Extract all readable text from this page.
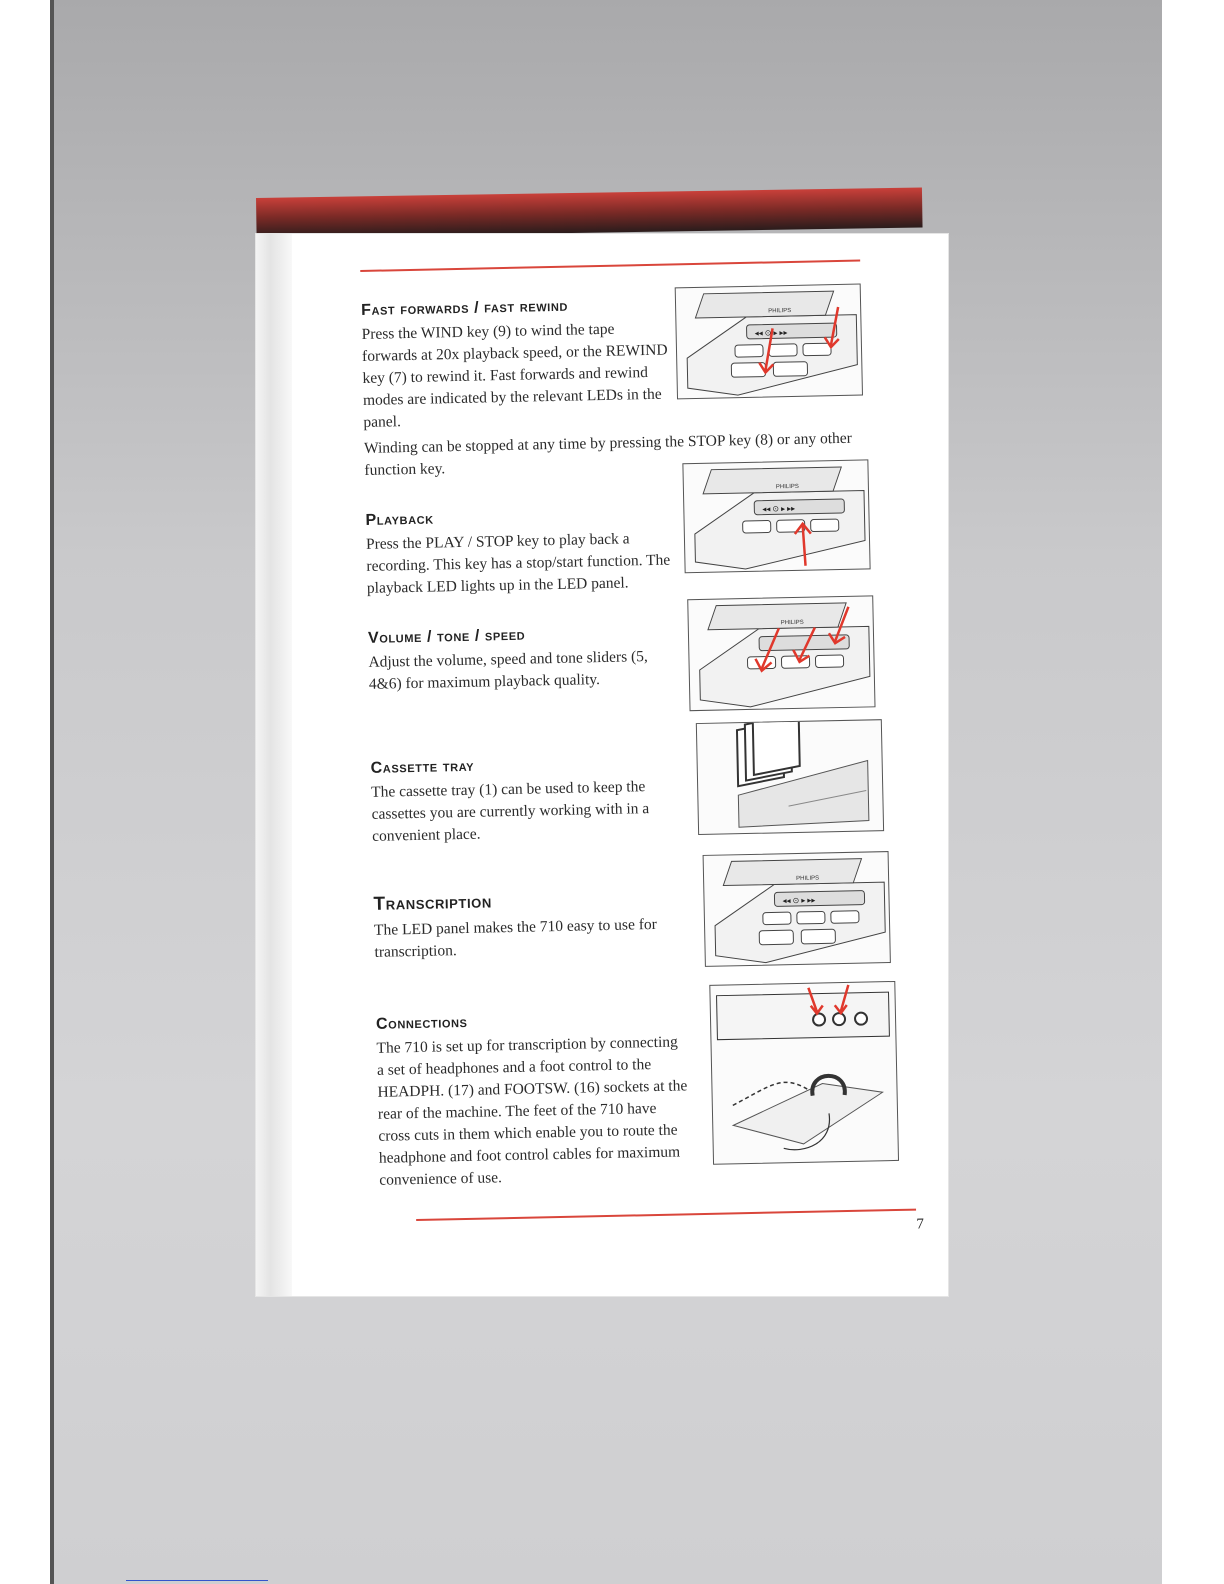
Fast forwards / fast rewind

Press the WIND key (9) to wind the tape forwards at 20x playback speed, or the REWIND key (7) to rewind it. Fast forwards and rewind modes are indicated by the relevant LEDs in the panel.

Winding can be stopped at any time by pressing the STOP key (8) or any other function key.

PHILIPS
◂◂ ⊙ ▸ ▸▸
Playback

Press the PLAY / STOP key to play back a recording. This key has a stop/start function. The playback LED lights up in the LED panel.

PHILIPS
◂◂ ⊙ ▸ ▸▸
Volume / tone / speed

Adjust the volume, speed and tone sliders (5, 4&6) for maximum playback quality.

PHILIPS
Cassette tray

The cassette tray (1) can be used to keep the cassettes you are currently working with in a convenient place.

Transcription

The LED panel makes the 710 easy to use for transcription.

PHILIPS
◂◂ ⊙ ▸ ▸▸
Connections

The 710 is set up for transcription by connecting a set of headphones and a foot control to the HEADPH. (17) and FOOTSW. (16) sockets at the rear of the machine. The feet of the 710 have cross cuts in them which enable you to route the headphone and foot control cables for maximum convenience of use.

7
